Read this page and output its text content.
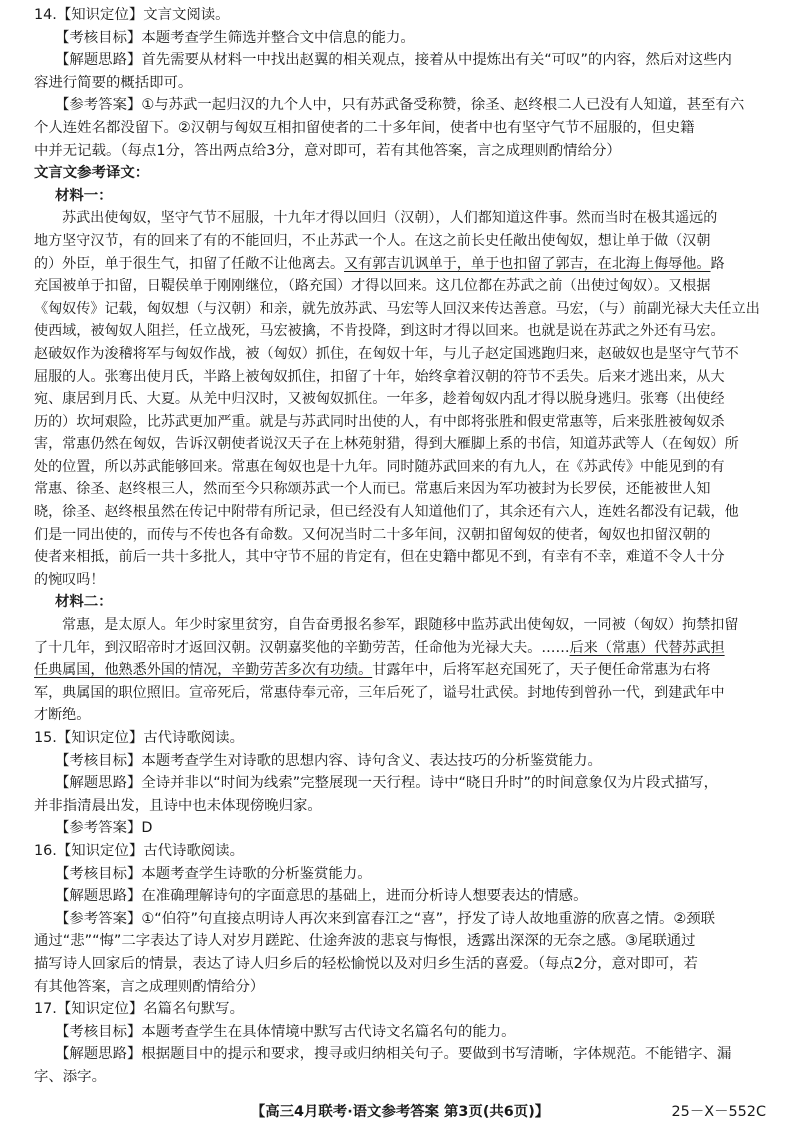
14.【知识定位】文言文阅读。
【考核目标】本题考查学生筛选并整合文中信息的能力。
【解题思路】首先需要从材料一中找出赵翼的相关观点，接着从中提炼出有关“可叹”的内容，然后对这些内
容进行简要的概括即可。
【参考答案】①与苏武一起归汉的九个人中，只有苏武备受称赞，徐圣、赵终根二人已没有人知道，甚至有六
个人连姓名都没留下。②汉朝与匈奴互相扣留使者的二十多年间，使者中也有坚守气节不屈服的，但史籍
中并无记载。（每点1分，答出两点给3分，意对即可，若有其他答案，言之成理则酌情给分）
文言文参考译文：
材料一：
苏武出使匈奴，坚守气节不屈服，十九年才得以回归（汉朝），人们都知道这件事。然而当时在极其遥远的
地方坚守汉节，有的回来了有的不能回归，不止苏武一个人。在这之前长史任敞出使匈奴，想让单于做（汉朝
的）外臣，单于很生气，扣留了任敞不让他离去。又有郭吉讥讽单于，单于也扣留了郭吉，在北海上侮辱他。路
充国被单于扣留，日鞮侯单于刚刚继位，（路充国）才得以回来。这几位都在苏武之前（出使过匈奴）。又根据
《匈奴传》记载，匈奴想（与汉朝）和亲，就先放苏武、马宏等人回汉来传达善意。马宏，（与）前副光禄大夫任立出
使西域，被匈奴人阻拦，任立战死，马宏被擒，不肯投降，到这时才得以回来。也就是说在苏武之外还有马宏。
赵破奴作为浚稽将军与匈奴作战，被（匈奴）抓住，在匈奴十年，与儿子赵定国逃跑归来，赵破奴也是坚守气节不
屈服的人。张骞出使月氏，半路上被匈奴抓住，扣留了十年，始终拿着汉朝的符节不丢失。后来才逃出来，从大
宛、康居到月氏、大夏。从羌中归汉时，又被匈奴抓住。一年多，趁着匈奴内乱才得以脱身逃归。张骞（出使经
历的）坎坷艰险，比苏武更加严重。就是与苏武同时出使的人，有中郎将张胜和假吏常惠等，后来张胜被匈奴杀
害，常惠仍然在匈奴，告诉汉朝使者说汉天子在上林苑射猎，得到大雁脚上系的书信，知道苏武等人（在匈奴）所
处的位置，所以苏武能够回来。常惠在匈奴也是十九年。同时随苏武回来的有九人，在《苏武传》中能见到的有
常惠、徐圣、赵终根三人，然而至今只称颂苏武一个人而已。常惠后来因为军功被封为长罗侯，还能被世人知
晓，徐圣、赵终根虽然在传记中附带有所记录，但已经没有人知道他们了，其余还有六人，连姓名都没有记载，他
们是一同出使的，而传与不传也各有命数。又何况当时二十多年间，汉朝扣留匈奴的使者，匈奴也扣留汉朝的
使者来相抵，前后一共十多批人，其中守节不屈的肯定有，但在史籍中都见不到，有幸有不幸，难道不令人十分
的惋叹吗！
材料二：
常惠，是太原人。年少时家里贫穷，自告奋勇报名参军，跟随移中监苏武出使匈奴，一同被（匈奴）拘禁扣留
了十几年，到汉昭帝时才返回汉朝。汉朝嘉奖他的辛勤劳苦，任命他为光禄大夫。……后来（常惠）代替苏武担
任典属国，他熟悉外国的情况，辛勤劳苦多次有功绩。甘露年中，后将军赵充国死了，天子便任命常惠为右将
军，典属国的职位照旧。宣帝死后，常惠侍奉元帝，三年后死了，谥号壮武侯。封地传到曾孙一代，到建武年中
才断绝。
15.【知识定位】古代诗歌阅读。
【考核目标】本题考查学生对诗歌的思想内容、诗句含义、表达技巧的分析鉴赏能力。
【解题思路】全诗并非以“时间为线索”完整展现一天行程。诗中“晓日升时”的时间意象仅为片段式描写，
并非指清晨出发，且诗中也未体现傍晚归家。
【参考答案】D
16.【知识定位】古代诗歌阅读。
【考核目标】本题考查学生诗歌的分析鉴赏能力。
【解题思路】在准确理解诗句的字面意思的基础上，进而分析诗人想要表达的情感。
【参考答案】①“伯符”句直接点明诗人再次来到富春江之“喜”，抒发了诗人故地重游的欣喜之情。②颈联
通过“悲”“悔”二字表达了诗人对岁月蹉跎、仕途奔波的悲哀与悔恨，透露出深深的无奈之感。③尾联通过
描写诗人回家后的情景，表达了诗人归乡后的轻松愉悦以及对归乡生活的喜爱。（每点2分，意对即可，若
有其他答案，言之成理则酌情给分）
17.【知识定位】名篇名句默写。
【考核目标】本题考查学生在具体情境中默写古代诗文名篇名句的能力。
【解题思路】根据题目中的提示和要求，搜寻或归纳相关句子。要做到书写清晰，字体规范。不能错字、漏
字、添字。
【高三4月联考·语文参考答案 第3页(共6页)】	25－X－552C
